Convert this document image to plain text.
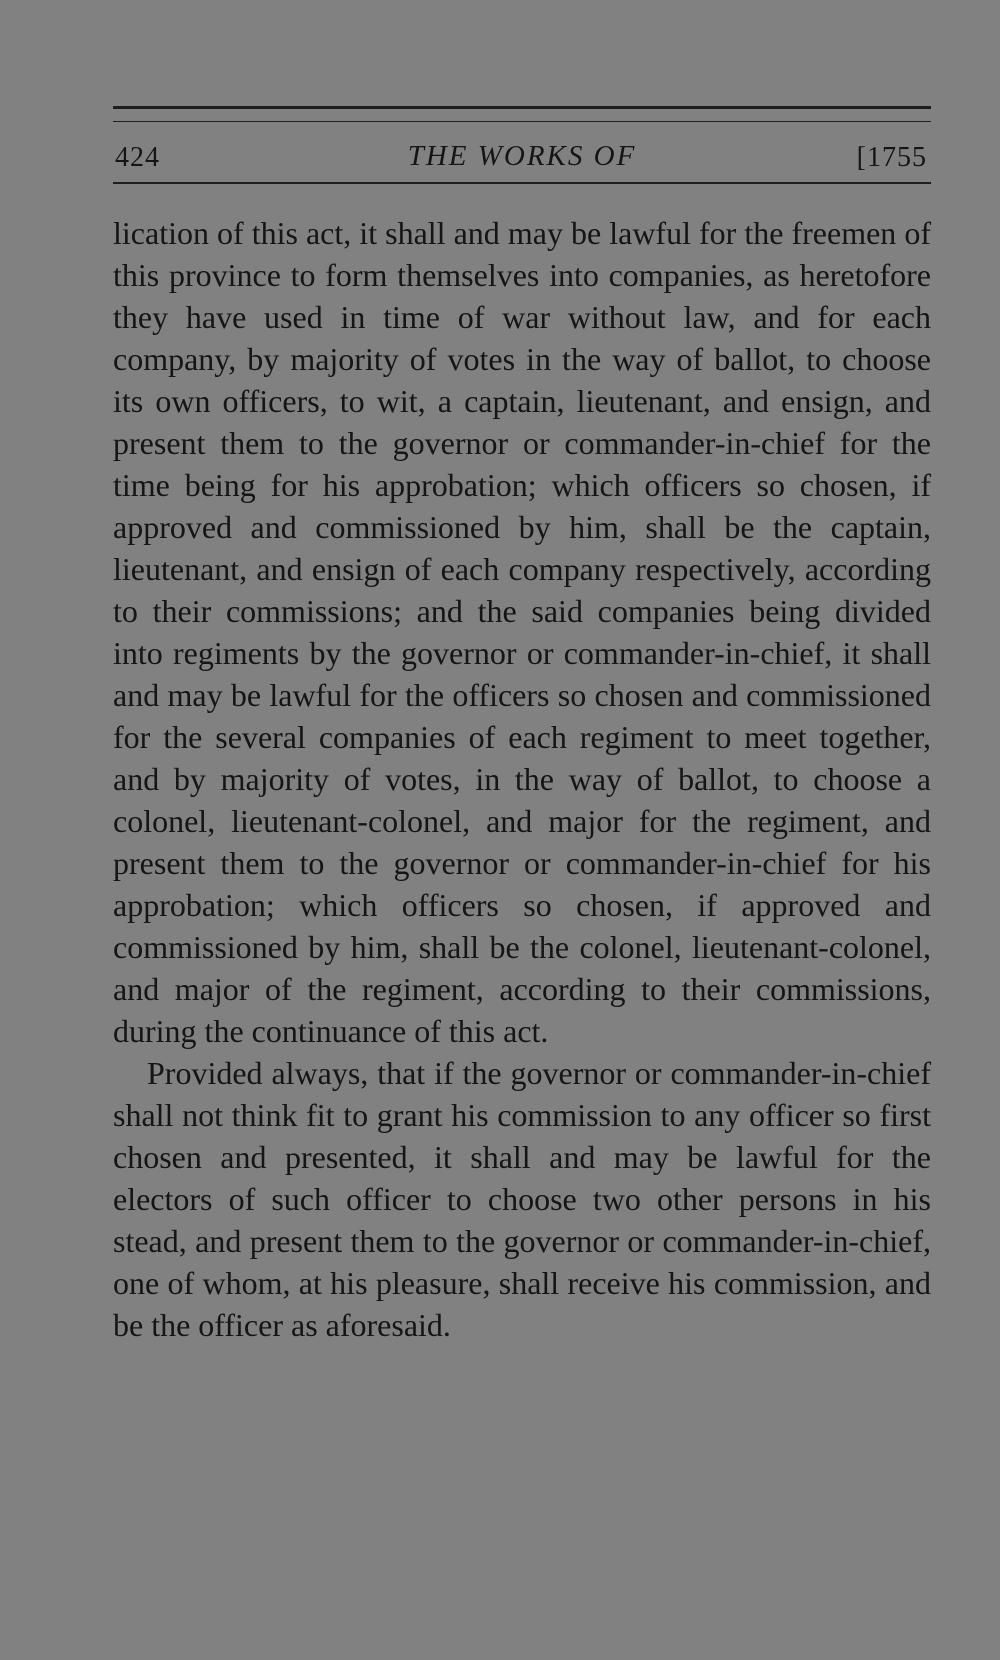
424	THE WORKS OF	[1755

lication of this act, it shall and may be lawful for the freemen of this province to form themselves into companies, as heretofore they have used in time of war without law, and for each company, by majority of votes in the way of ballot, to choose its own officers, to wit, a captain, lieutenant, and ensign, and present them to the governor or commander-in-chief for the time being for his approbation; which officers so chosen, if approved and commissioned by him, shall be the captain, lieutenant, and ensign of each company respectively, according to their commissions; and the said companies being divided into regiments by the governor or commander-in-chief, it shall and may be lawful for the officers so chosen and commissioned for the several companies of each regiment to meet together, and by majority of votes, in the way of ballot, to choose a colonel, lieutenant-colonel, and major for the regiment, and present them to the governor or commander-in-chief for his approbation; which officers so chosen, if approved and commissioned by him, shall be the colonel, lieutenant-colonel, and major of the regiment, according to their commissions, during the continuance of this act.

Provided always, that if the governor or commander-in-chief shall not think fit to grant his commission to any officer so first chosen and presented, it shall and may be lawful for the electors of such officer to choose two other persons in his stead, and present them to the governor or commander-in-chief, one of whom, at his pleasure, shall receive his commission, and be the officer as aforesaid.
